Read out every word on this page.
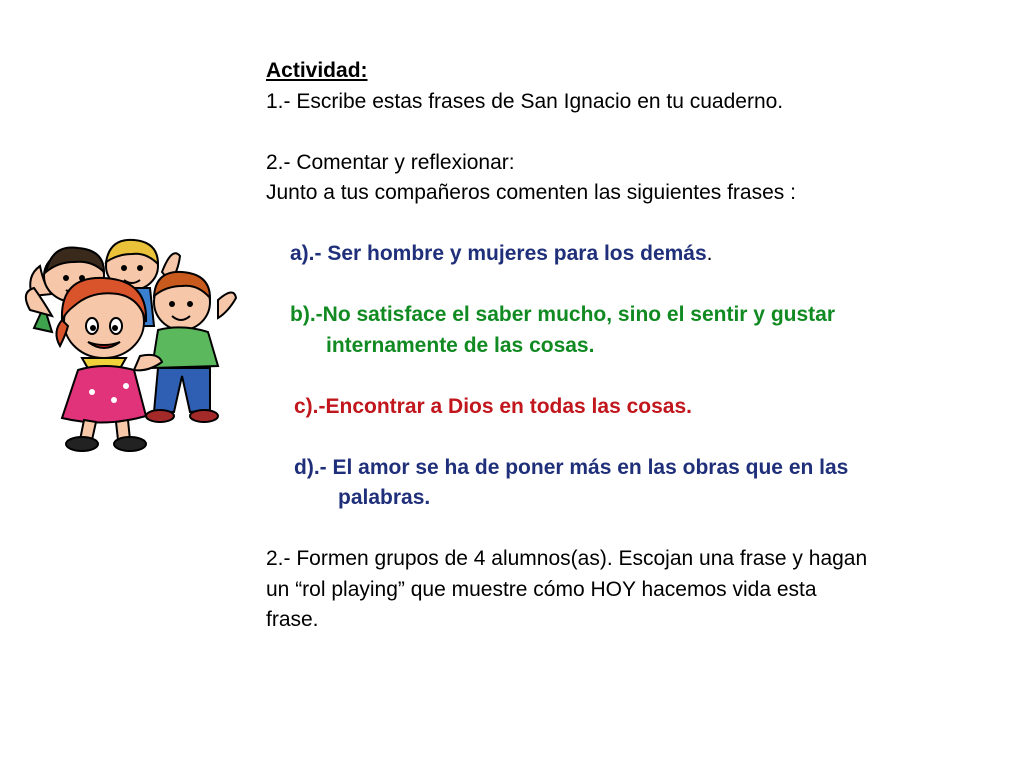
Actividad:
1.- Escribe estas frases de San Ignacio en tu cuaderno.
2.- Comentar y reflexionar:
Junto a tus compañeros comenten las siguientes frases :
a).- Ser hombre y mujeres para los demás.
b).-No satisface el saber mucho, sino el sentir y gustar
internamente de las cosas.
c).-Encontrar a Dios en todas las cosas.
d).- El amor se ha de poner más en las obras que en las
palabras.
2.- Formen grupos de 4 alumnos(as). Escojan una frase y hagan
un “rol playing” que muestre cómo HOY hacemos vida esta
frase.
